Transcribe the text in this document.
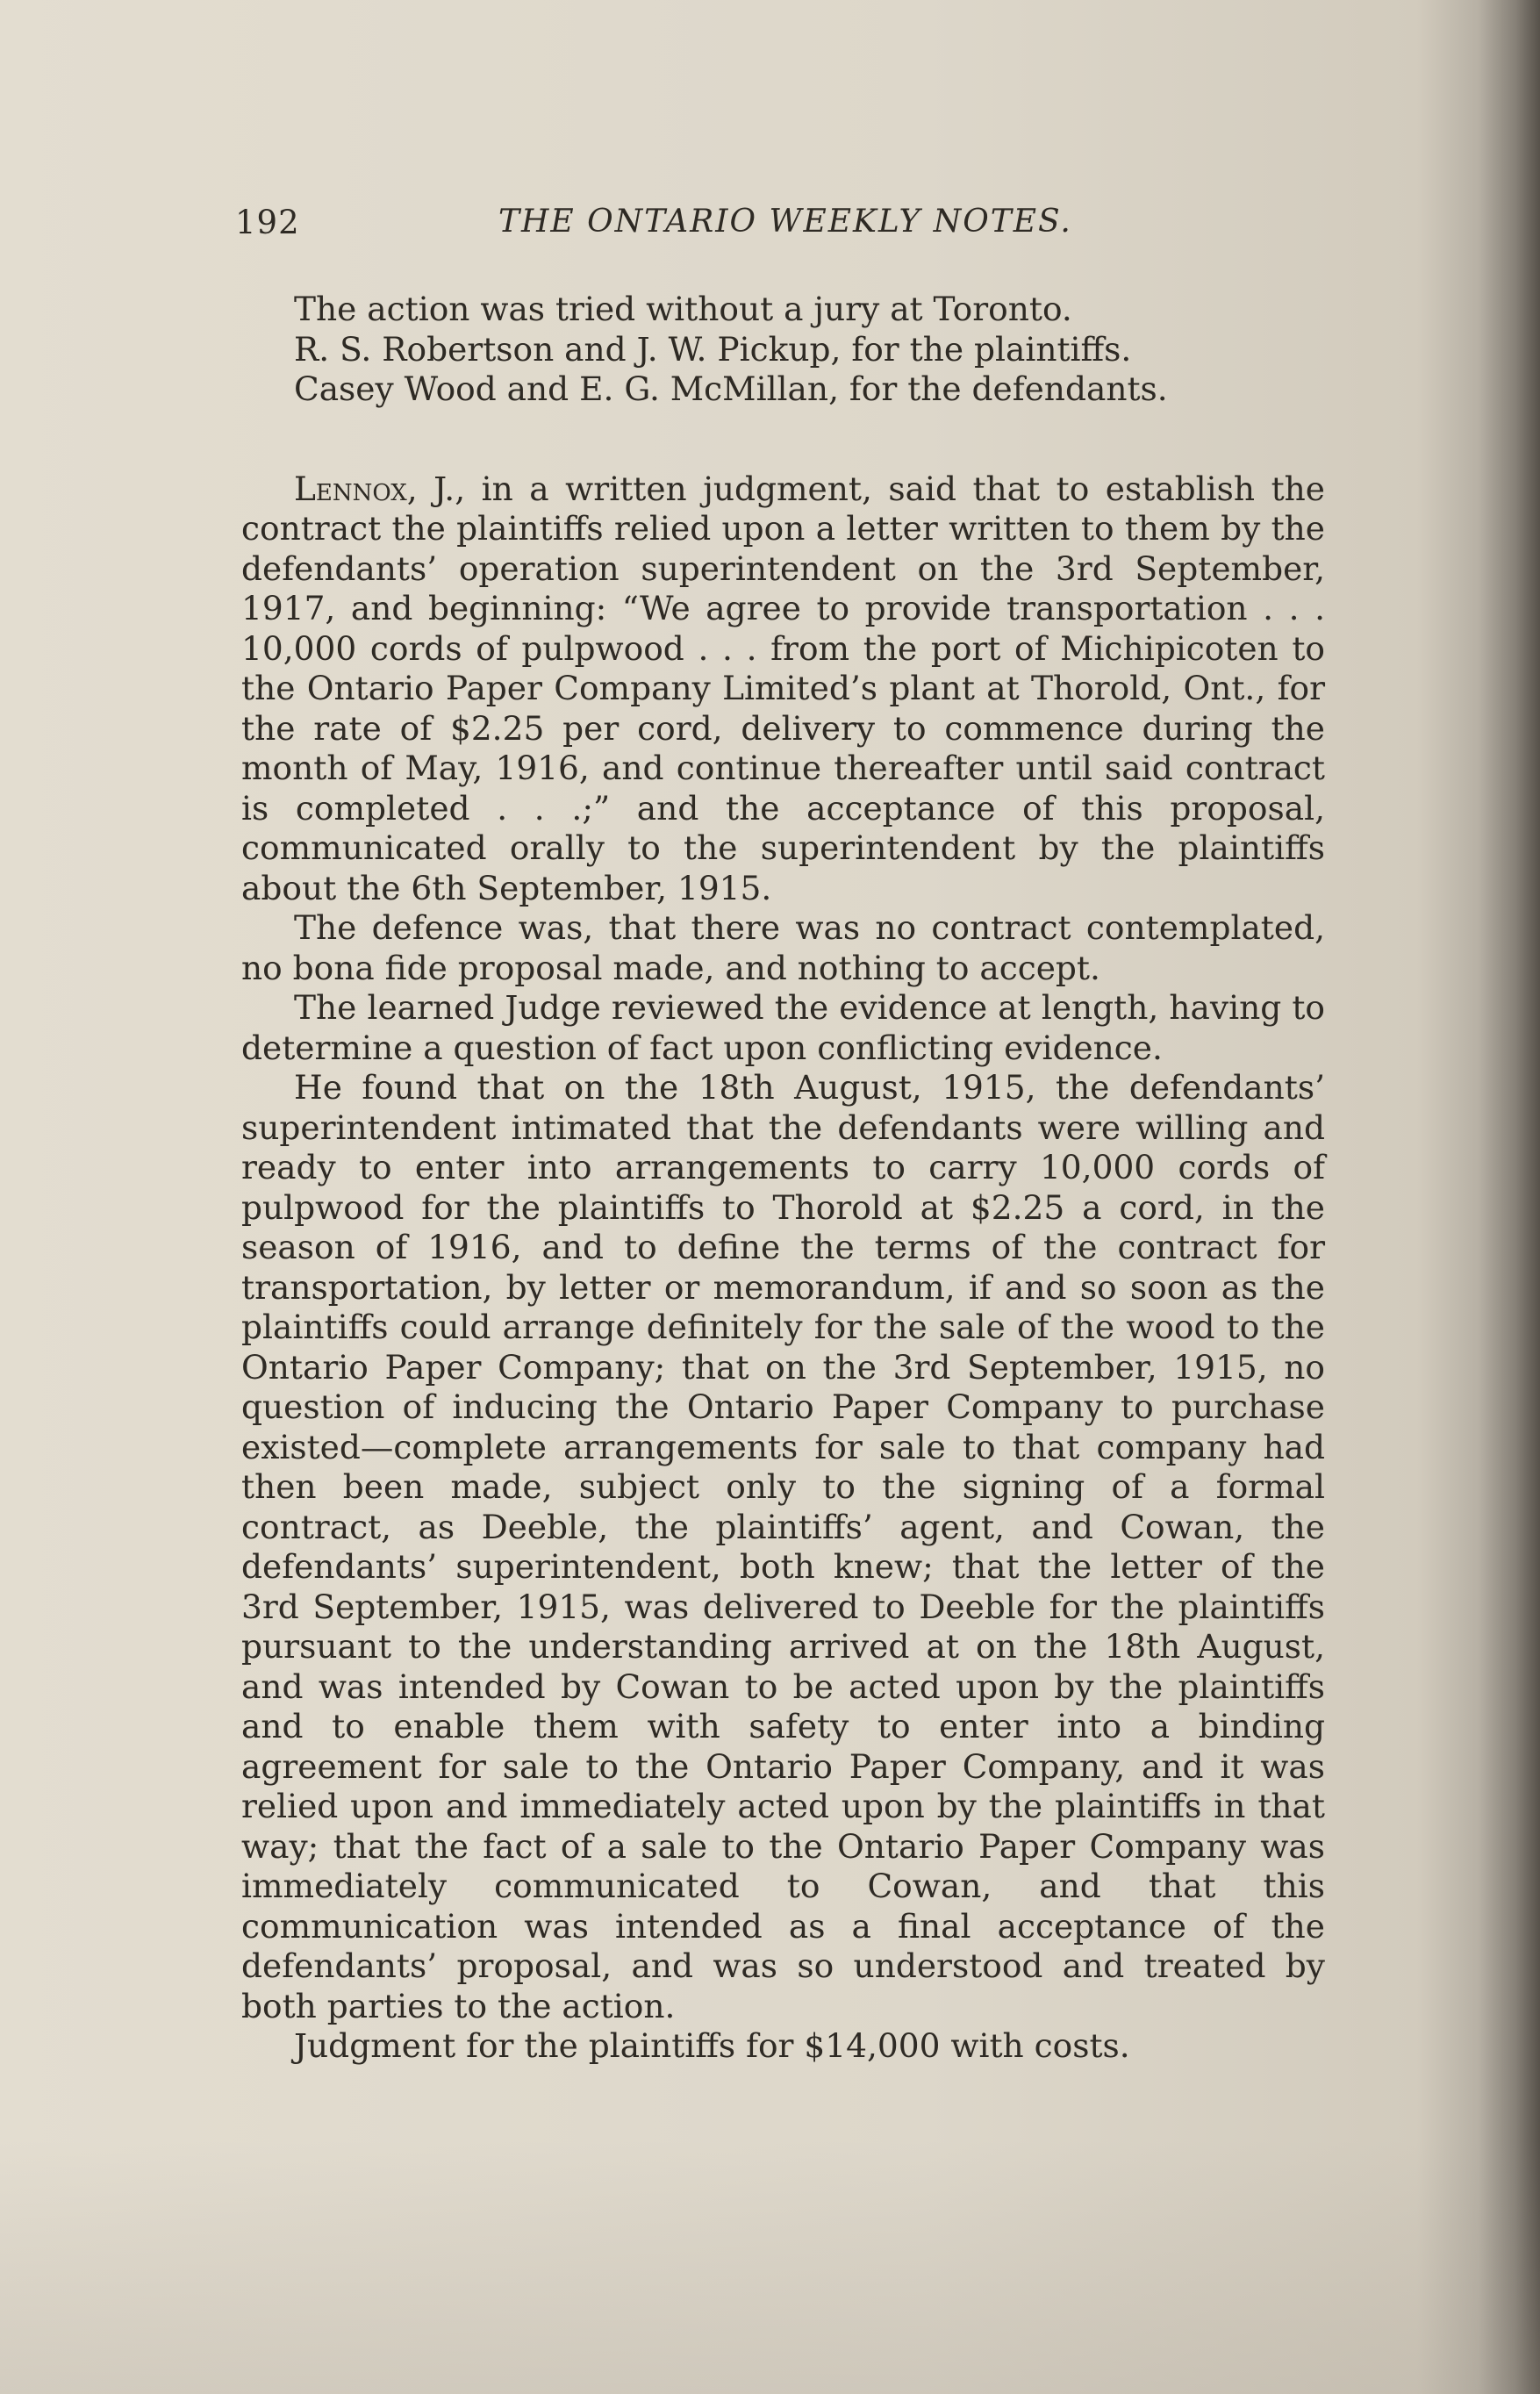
192	THE ONTARIO WEEKLY NOTES.

The action was tried without a jury at Toronto.

R. S. Robertson and J. W. Pickup, for the plaintiffs.

Casey Wood and E. G. McMillan, for the defendants.

Lennox, J., in a written judgment, said that to establish the contract the plaintiffs relied upon a letter written to them by the defendants’ operation superintendent on the 3rd September, 1917, and beginning: “We agree to provide transportation . . . 10,000 cords of pulpwood . . . from the port of Michipicoten to the Ontario Paper Company Limited’s plant at Thorold, Ont., for the rate of $2.25 per cord, delivery to commence during the month of May, 1916, and continue thereafter until said contract is completed . . .;” and the acceptance of this proposal, communicated orally to the superintendent by the plaintiffs about the 6th September, 1915.

The defence was, that there was no contract contemplated, no bona fide proposal made, and nothing to accept.

The learned Judge reviewed the evidence at length, having to determine a question of fact upon conflicting evidence.

He found that on the 18th August, 1915, the defendants’ superintendent intimated that the defendants were willing and ready to enter into arrangements to carry 10,000 cords of pulpwood for the plaintiffs to Thorold at $2.25 a cord, in the season of 1916, and to define the terms of the contract for transportation, by letter or memorandum, if and so soon as the plaintiffs could arrange definitely for the sale of the wood to the Ontario Paper Company; that on the 3rd September, 1915, no question of inducing the Ontario Paper Company to purchase existed—complete arrangements for sale to that company had then been made, subject only to the signing of a formal contract, as Deeble, the plaintiffs’ agent, and Cowan, the defendants’ superintendent, both knew; that the letter of the 3rd September, 1915, was delivered to Deeble for the plaintiffs pursuant to the understanding arrived at on the 18th August, and was intended by Cowan to be acted upon by the plaintiffs and to enable them with safety to enter into a binding agreement for sale to the Ontario Paper Company, and it was relied upon and immediately acted upon by the plaintiffs in that way; that the fact of a sale to the Ontario Paper Company was immediately communicated to Cowan, and that this communication was intended as a final acceptance of the defendants’ proposal, and was so understood and treated by both parties to the action.

Judgment for the plaintiffs for $14,000 with costs.
